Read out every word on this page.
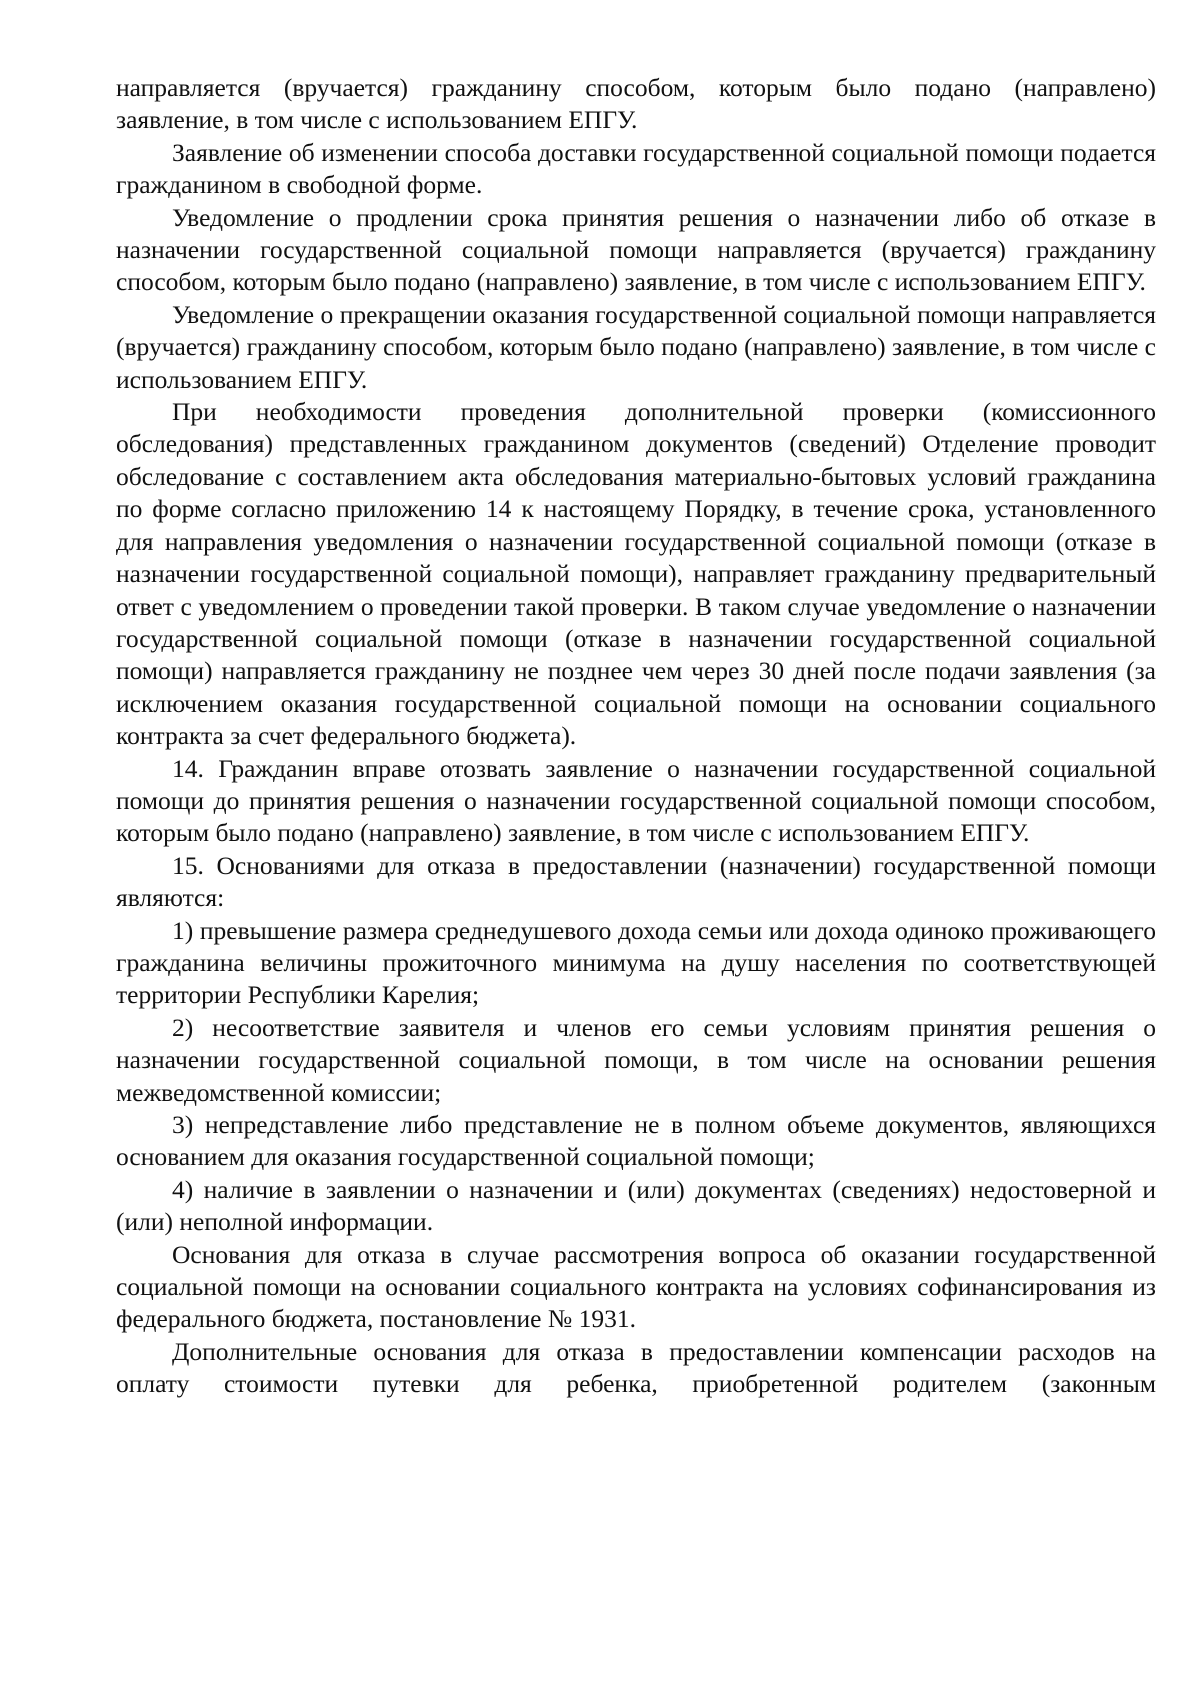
направляется (вручается) гражданину способом, которым было подано (направлено) заявление, в том числе с использованием ЕПГУ.

Заявление об изменении способа доставки государственной социальной помощи подается гражданином в свободной форме.

Уведомление о продлении срока принятия решения о назначении либо об отказе в назначении государственной социальной помощи направляется (вручается) гражданину способом, которым было подано (направлено) заявление, в том числе с использованием ЕПГУ.

Уведомление о прекращении оказания государственной социальной помощи направляется (вручается) гражданину способом, которым было подано (направлено) заявление, в том числе с использованием ЕПГУ.

При необходимости проведения дополнительной проверки (комиссионного обследования) представленных гражданином документов (сведений) Отделение проводит обследование с составлением акта обследования материально-бытовых условий гражданина по форме согласно приложению 14 к настоящему Порядку, в течение срока, установленного для направления уведомления о назначении государственной социальной помощи (отказе в назначении государственной социальной помощи), направляет гражданину предварительный ответ с уведомлением о проведении такой проверки. В таком случае уведомление о назначении государственной социальной помощи (отказе в назначении государственной социальной помощи) направляется гражданину не позднее чем через 30 дней после подачи заявления (за исключением оказания государственной социальной помощи на основании социального контракта за счет федерального бюджета).

14. Гражданин вправе отозвать заявление о назначении государственной социальной помощи до принятия решения о назначении государственной социальной помощи способом, которым было подано (направлено) заявление, в том числе с использованием ЕПГУ.

15. Основаниями для отказа в предоставлении (назначении) государственной помощи являются:

1) превышение размера среднедушевого дохода семьи или дохода одиноко проживающего гражданина величины прожиточного минимума на душу населения по соответствующей территории Республики Карелия;

2) несоответствие заявителя и членов его семьи условиям принятия решения о назначении государственной социальной помощи, в том числе на основании решения межведомственной комиссии;

3) непредставление либо представление не в полном объеме документов, являющихся основанием для оказания государственной социальной помощи;

4) наличие в заявлении о назначении и (или) документах (сведениях) недостоверной и (или) неполной информации.

Основания для отказа в случае рассмотрения вопроса об оказании государственной социальной помощи на основании социального контракта на условиях софинансирования из федерального бюджета, постановление № 1931.

Дополнительные основания для отказа в предоставлении компенсации расходов на оплату стоимости путевки для ребенка, приобретенной родителем (законным
